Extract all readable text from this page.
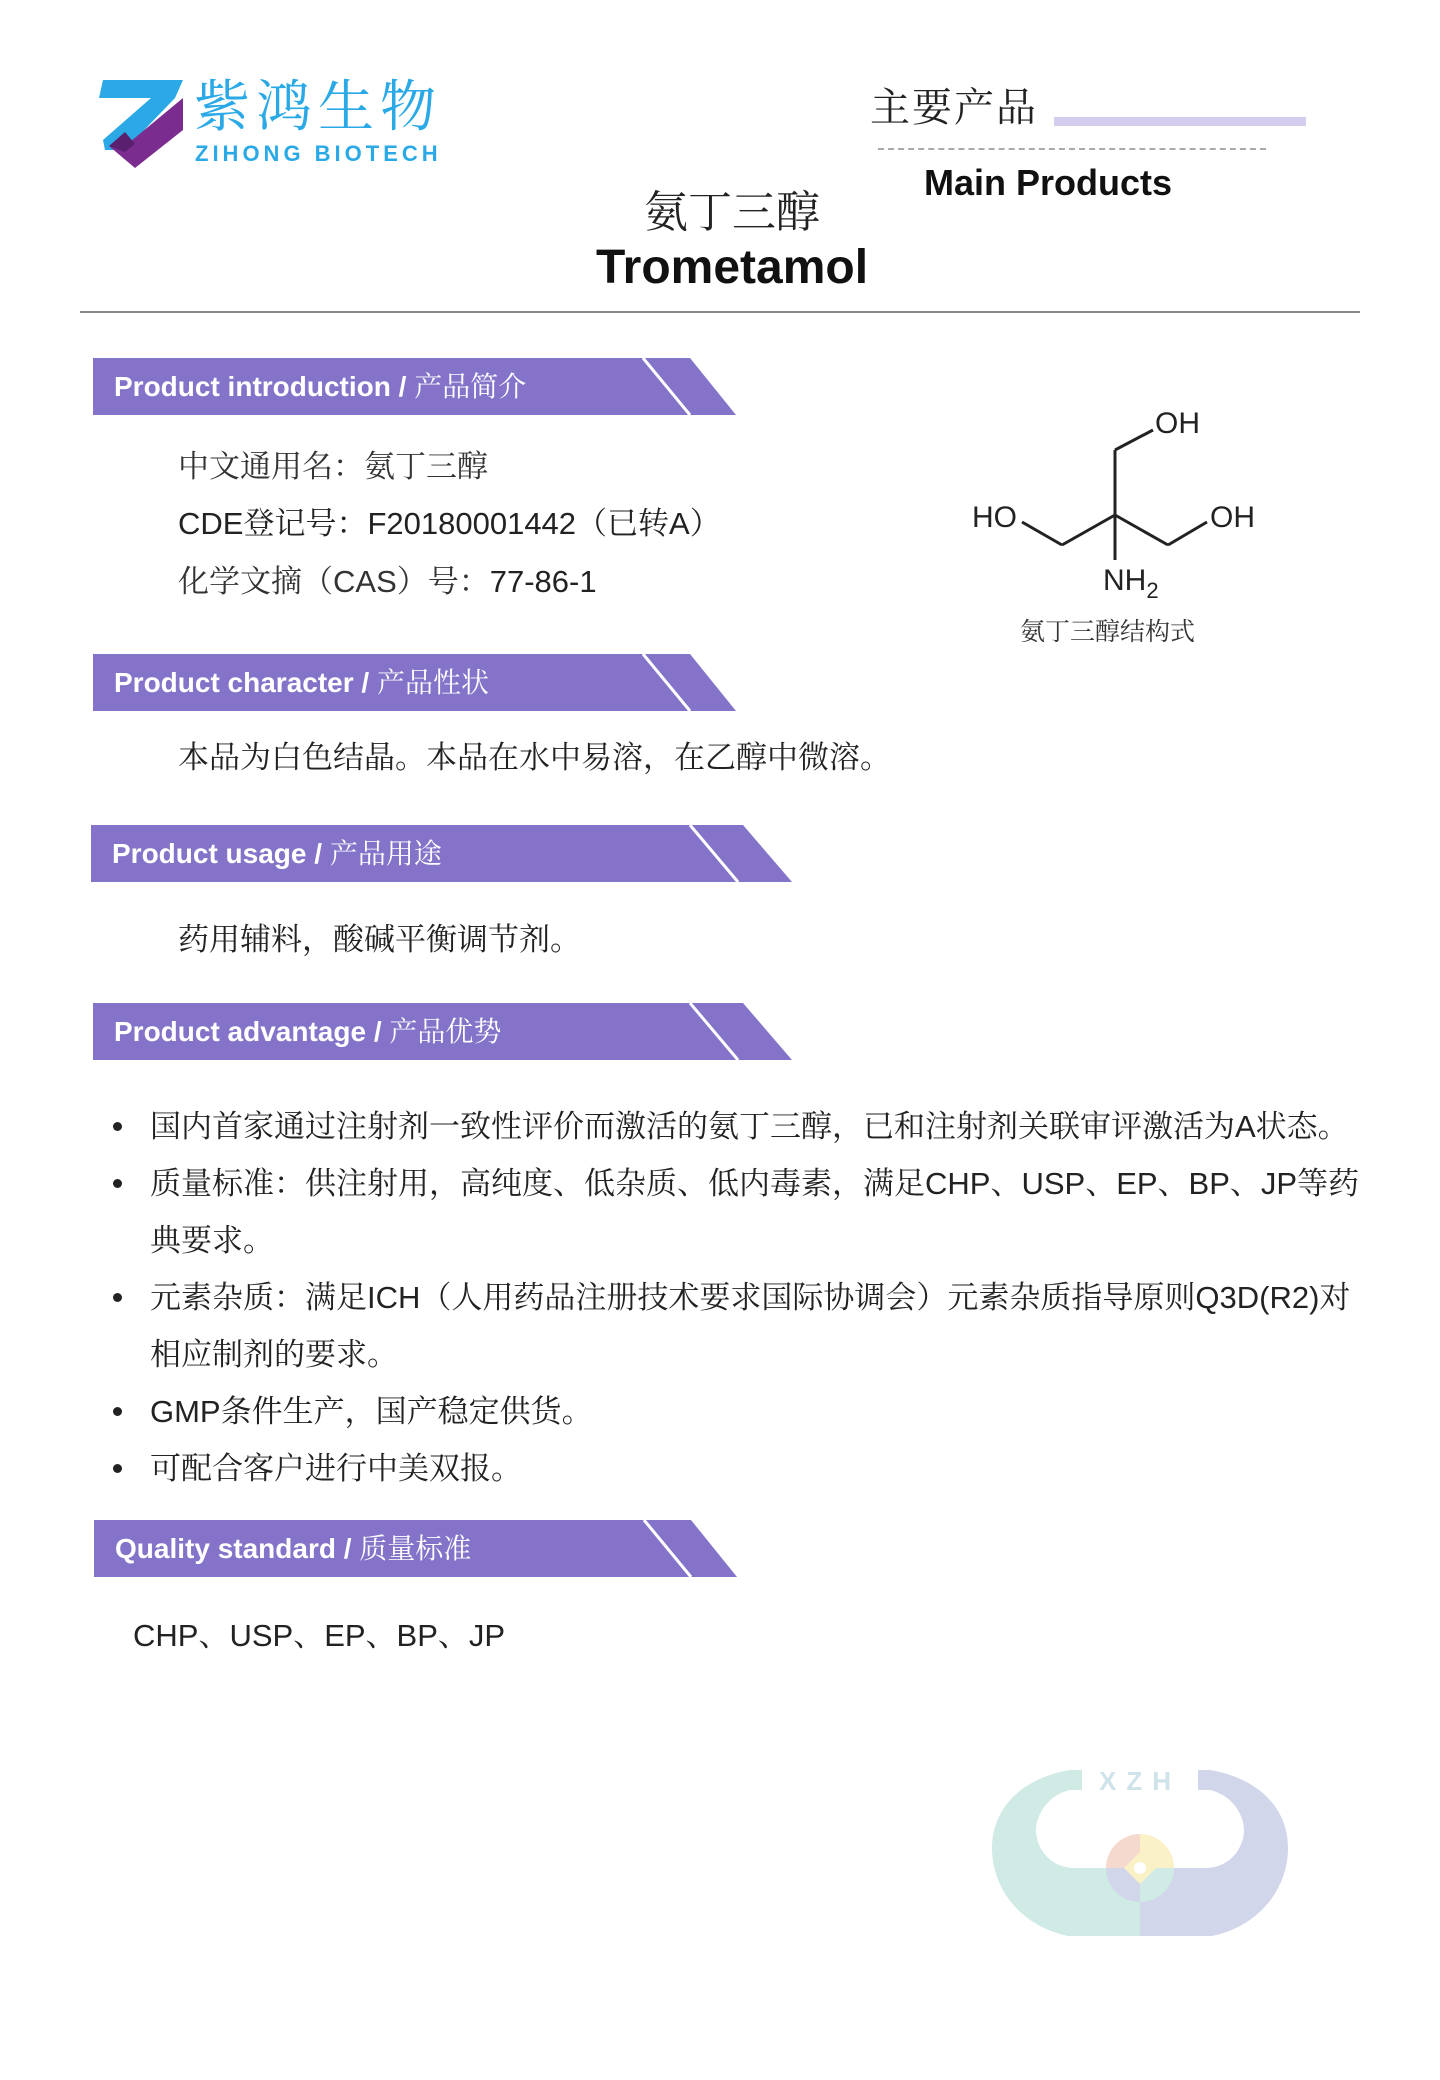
紫鸿生物
ZIHONG BIOTECH
主要产品
Main Products
氨丁三醇
Trometamol
Product introduction / 产品简介
中文通用名：氨丁三醇
CDE登记号：F20180001442（已转A）
化学文摘（CAS）号：77-86-1
OH
HO	OH
$NH_2$
氨丁三醇结构式
Product character / 产品性状
本品为白色结晶。本品在水中易溶，在乙醇中微溶。
Product usage / 产品用途
药用辅料，酸碱平衡调节剂。
Product advantage / 产品优势
国内首家通过注射剂一致性评价而激活的氨丁三醇，已和注射剂关联审评激活为A状态。
质量标准：供注射用，高纯度、低杂质、低内毒素，满足CHP、USP、EP、BP、JP等药典要求。
元素杂质：满足ICH（人用药品注册技术要求国际协调会）元素杂质指导原则Q3D(R2)对相应制剂的要求。
GMP条件生产，国产稳定供货。
可配合客户进行中美双报。
Quality standard / 质量标准
CHP、USP、EP、BP、JP
XZH
